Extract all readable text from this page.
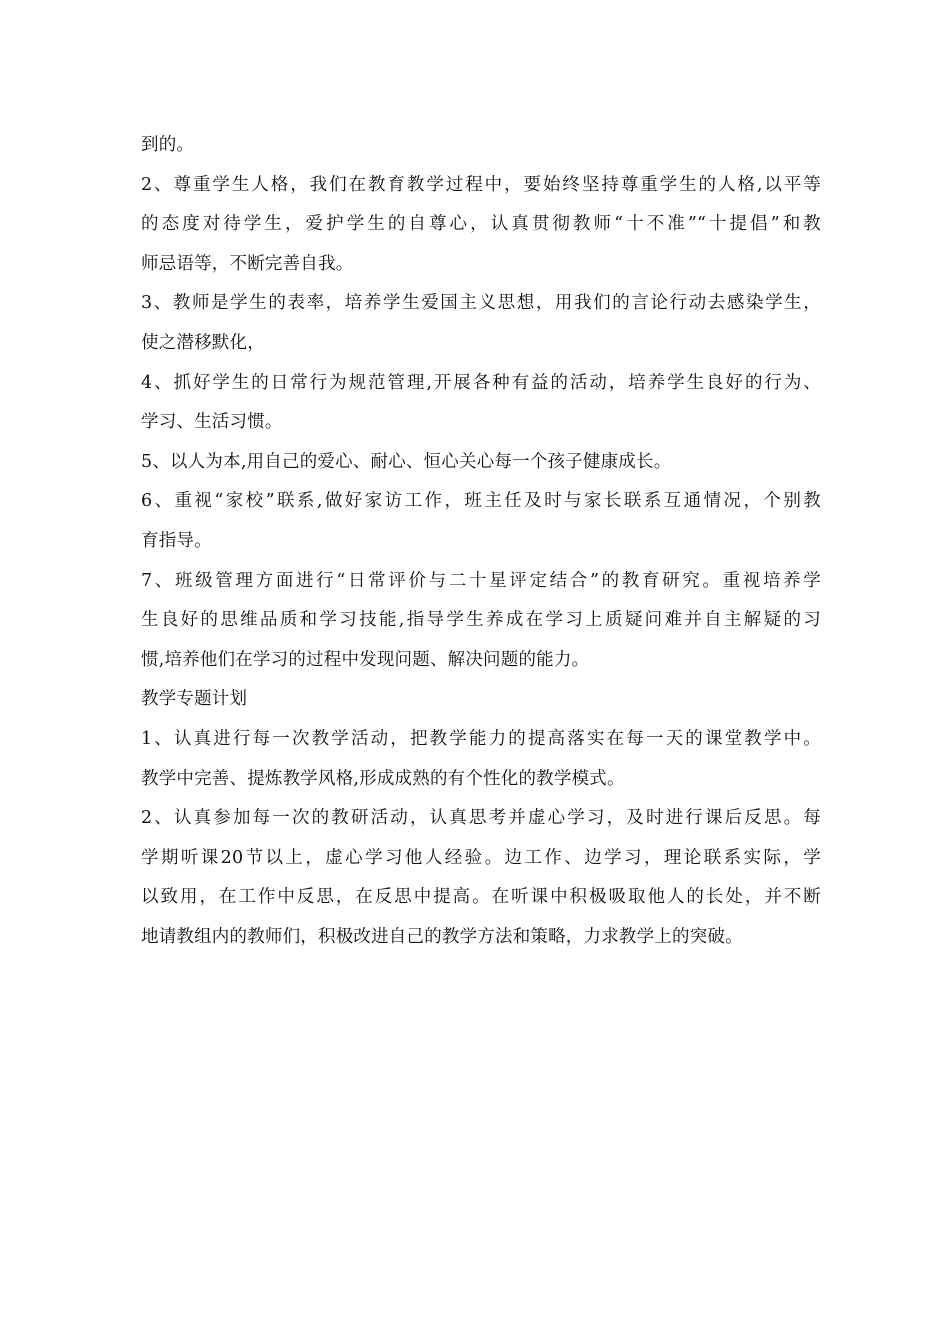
到的。
2、尊重学生人格，我们在教育教学过程中，要始终坚持尊重学生的人格,以平等
的态度对待学生，爱护学生的自尊心，认真贯彻教师“十不准”“十提倡”和教
师忌语等，不断完善自我。
3、教师是学生的表率，培养学生爱国主义思想，用我们的言论行动去感染学生，
使之潜移默化，
4、抓好学生的日常行为规范管理,开展各种有益的活动，培养学生良好的行为、
学习、生活习惯。
5、以人为本,用自己的爱心、耐心、恒心关心每一个孩子健康成长。
6、重视“家校”联系,做好家访工作，班主任及时与家长联系互通情况，个别教
育指导。
7、班级管理方面进行“日常评价与二十星评定结合”的教育研究。重视培养学
生良好的思维品质和学习技能,指导学生养成在学习上质疑问难并自主解疑的习
惯,培养他们在学习的过程中发现问题、解决问题的能力。
教学专题计划
1、认真进行每一次教学活动，把教学能力的提高落实在每一天的课堂教学中。
教学中完善、提炼教学风格,形成成熟的有个性化的教学模式。
2、认真参加每一次的教研活动，认真思考并虚心学习，及时进行课后反思。每
学期听课20节以上，虚心学习他人经验。边工作、边学习，理论联系实际，学
以致用，在工作中反思，在反思中提高。在听课中积极吸取他人的长处，并不断
地请教组内的教师们，积极改进自己的教学方法和策略，力求教学上的突破。
